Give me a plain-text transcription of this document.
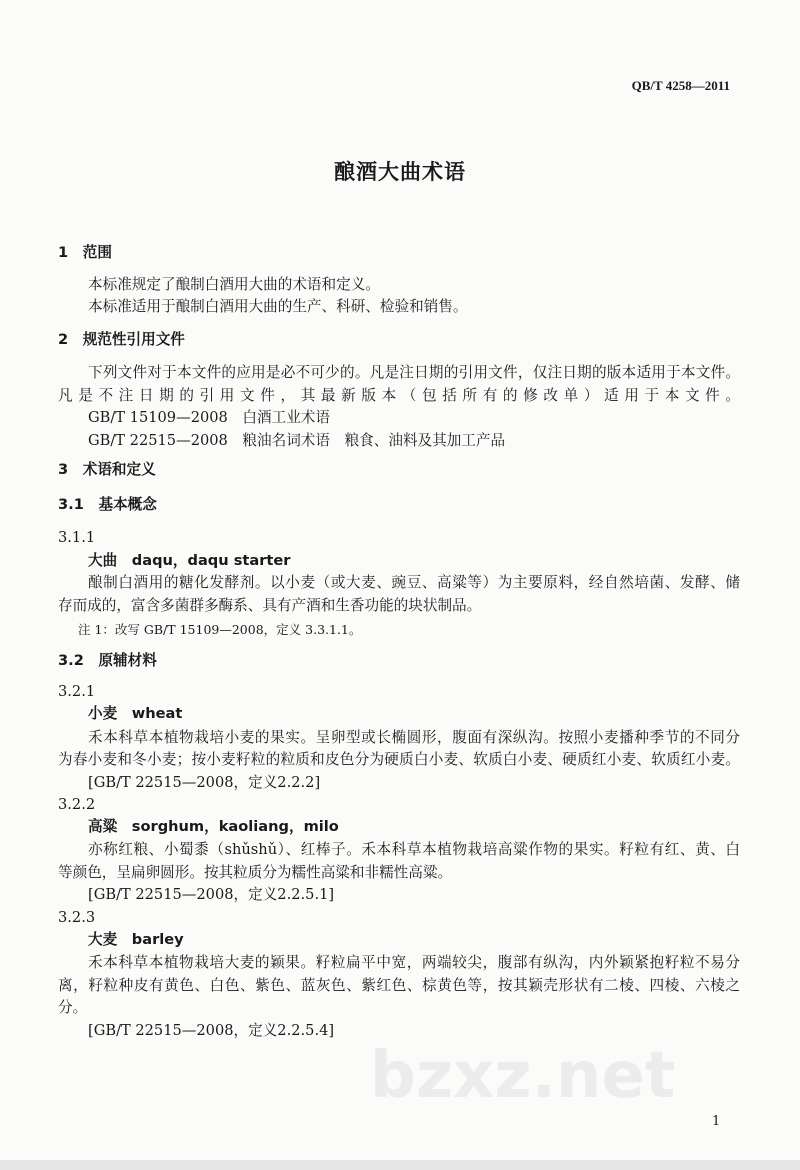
QB/T 4258—2011
酿酒大曲术语
1　范围
本标准规定了酿制白酒用大曲的术语和定义。
本标准适用于酿制白酒用大曲的生产、科研、检验和销售。
2　规范性引用文件
下列文件对于本文件的应用是必不可少的。凡是注日期的引用文件，仅注日期的版本适用于本文件。
凡是不注日期的引用文件，其最新版本（包括所有的修改单）适用于本文件。
GB/T 15109—2008　白酒工业术语
GB/T 22515—2008　粮油名词术语　粮食、油料及其加工产品
3　术语和定义
3.1　基本概念
3.1.1
大曲　daqu，daqu starter
酿制白酒用的糖化发酵剂。以小麦（或大麦、豌豆、高粱等）为主要原料，经自然培菌、发酵、储
存而成的，富含多菌群多酶系、具有产酒和生香功能的块状制品。
注 1：改写 GB/T 15109—2008，定义 3.3.1.1。
3.2　原辅材料
3.2.1
小麦　wheat
禾本科草本植物栽培小麦的果实。呈卵型或长椭圆形，腹面有深纵沟。按照小麦播种季节的不同分
为春小麦和冬小麦；按小麦籽粒的粒质和皮色分为硬质白小麦、软质白小麦、硬质红小麦、软质红小麦。
[GB/T 22515—2008，定义2.2.2]
3.2.2
高粱　sorghum，kaoliang，milo
亦称红粮、小蜀黍（shǔshǔ）、红棒子。禾本科草本植物栽培高粱作物的果实。籽粒有红、黄、白
等颜色，呈扁卵圆形。按其粒质分为糯性高粱和非糯性高粱。
[GB/T 22515—2008，定义2.2.5.1]
3.2.3
大麦　barley
禾本科草本植物栽培大麦的颖果。籽粒扁平中宽，两端较尖，腹部有纵沟，内外颖紧抱籽粒不易分
离，籽粒种皮有黄色、白色、紫色、蓝灰色、紫红色、棕黄色等，按其颖壳形状有二棱、四棱、六棱之
分。
[GB/T 22515—2008，定义2.2.5.4]
bzxz.net
1
